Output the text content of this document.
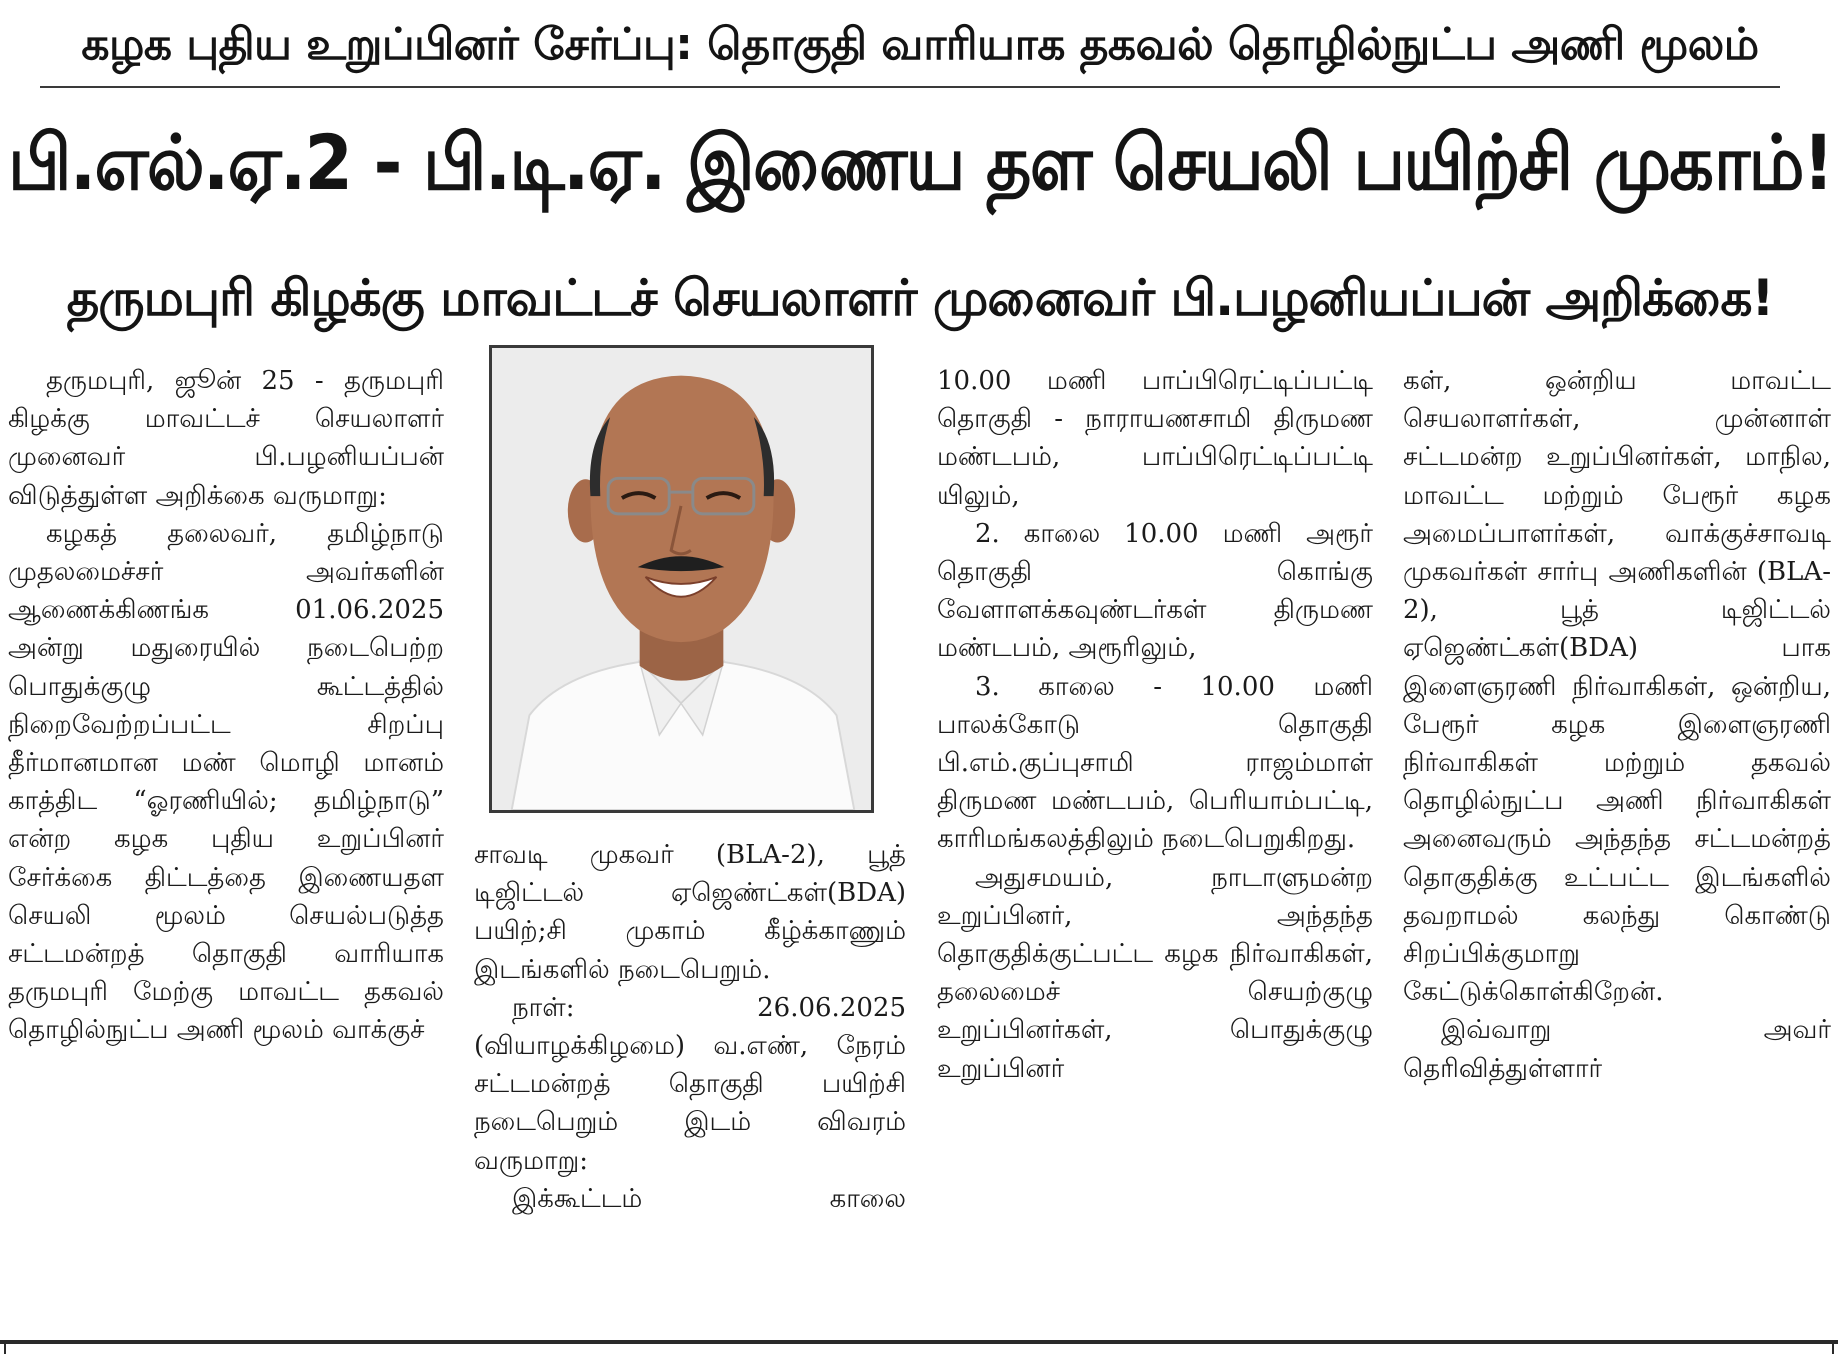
கழக புதிய உறுப்பினர் சேர்ப்பு: தொகுதி வாரியாக தகவல் தொழில்நுட்ப அணி மூலம்
பி.எல்.ஏ.2 - பி.டி.ஏ. இணைய தள செயலி பயிற்சி முகாம்!
தருமபுரி கிழக்கு மாவட்டச் செயலாளர் முனைவர் பி.பழனியப்பன் அறிக்கை!

தருமபுரி, ஜூன் 25 - தருமபுரி கிழக்கு மாவட்டச் செயலாளர் முனைவர் பி.பழனியப்பன் விடுத்துள்ள அறிக்கை வருமாறு:

கழகத் தலைவர், தமிழ்நாடு முதலமைச்சர் அவர்களின் ஆணைக்கிணங்க 01.06.2025 அன்று மதுரையில் நடைபெற்ற பொதுக்குழு கூட்டத்தில் நிறைவேற்றப்பட்ட சிறப்பு தீர்மானமான மண் மொழி மானம் காத்திட “ஓரணியில்; தமிழ்நாடு” என்ற கழக புதிய உறுப்பினர் சேர்க்கை திட்டத்தை இணையதள செயலி மூலம் செயல்படுத்த சட்டமன்றத் தொகுதி வாரியாக தருமபுரி மேற்கு மாவட்ட தகவல் தொழில்நுட்ப அணி மூலம் வாக்குச்

சாவடி முகவர் (BLA-2), பூத் டிஜிட்டல் ஏஜெண்ட்கள்(BDA) பயிற்;சி முகாம் கீழ்க்காணும் இடங்களில் நடைபெறும்.

நாள்: 26.06.2025 (வியாழக்கிழமை) வ.எண், நேரம் சட்டமன்றத் தொகுதி பயிற்சி நடைபெறும் இடம் விவரம் வருமாறு:

இக்கூட்டம் காலை

10.00 மணி பாப்பிரெட்டிப்பட்டி தொகுதி - நாராயணசாமி திருமண மண்டபம், பாப்பிரெட்டிப்பட்டி யிலும்,

2. காலை 10.00 மணி அரூர் தொகுதி கொங்கு வேளாளக்கவுண்டர்கள் திருமண மண்டபம், அரூரிலும்,

3. காலை - 10.00 மணி பாலக்கோடு தொகுதி பி.எம்.குப்புசாமி ராஜம்மாள் திருமண மண்டபம், பெரியாம்பட்டி, காரிமங்கலத்திலும் நடைபெறுகிறது.

அதுசமயம், நாடாளுமன்ற உறுப்பினர், அந்தந்த தொகுதிக்குட்பட்ட கழக நிர்வாகிகள், தலைமைச் செயற்குழு உறுப்பினர்கள், பொதுக்குழு உறுப்பினர்

கள், ஒன்றிய மாவட்ட செயலாளர்கள், முன்னாள் சட்டமன்ற உறுப்பினர்கள், மாநில, மாவட்ட மற்றும் பேரூர் கழக அமைப்பாளர்கள், வாக்குச்சாவடி முகவர்கள் சார்பு அணிகளின் (BLA-2), பூத் டிஜிட்டல் ஏஜெண்ட்கள்(BDA) பாக இளைஞரணி நிர்வாகிகள், ஒன்றிய, பேரூர் கழக இளைஞரணி நிர்வாகிகள் மற்றும் தகவல் தொழில்நுட்ப அணி நிர்வாகிகள் அனைவரும் அந்தந்த சட்டமன்றத் தொகுதிக்கு உட்பட்ட இடங்களில் தவறாமல் கலந்து கொண்டு சிறப்பிக்குமாறு கேட்டுக்கொள்கிறேன்.

இவ்வாறு அவர் தெரிவித்துள்ளார்
